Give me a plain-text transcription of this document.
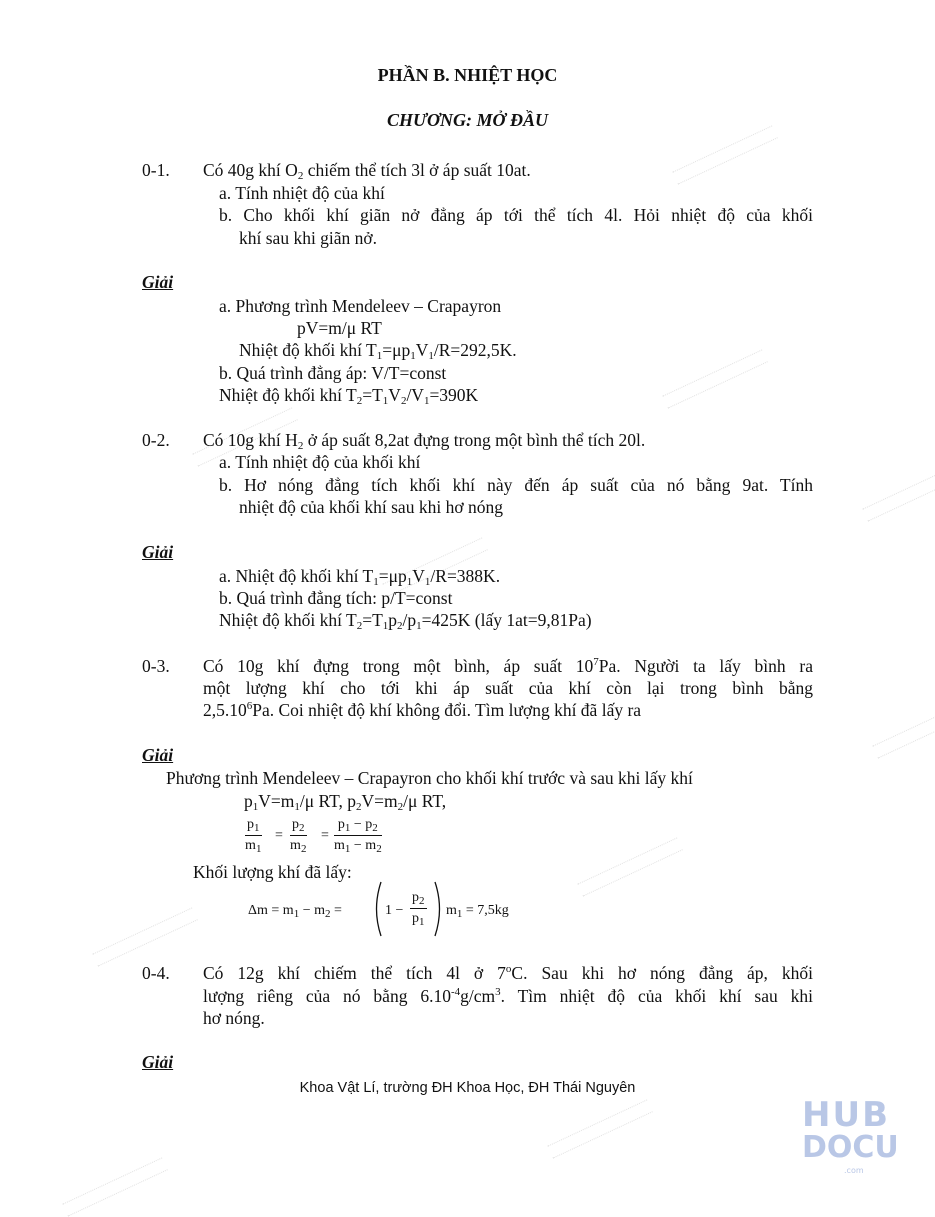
PHẦN B. NHIỆT HỌC
CHƯƠNG: MỞ ĐẦU
0-1. Có 40g khí $O_2$ chiếm thể tích 3l ở áp suất 10at.
a. Tính nhiệt độ của khí
b. Cho khối khí giãn nở đẳng áp tới thể tích 4l. Hỏi nhiệt độ của khối
khí sau khi giãn nở.
Giải
a. Phương trình Mendeleev – Crapayron
pV=m/μ RT
Nhiệt độ khối khí $T_1=\mu p_1V_1/R=292,5K$.
b. Quá trình đẳng áp: V/T=const
Nhiệt độ khối khí $T_2=T_1V_2/V_1=390K$
0-2. Có 10g khí $H_2$ ở áp suất 8,2at đựng trong một bình thể tích 20l.
a. Tính nhiệt độ của khối khí
b. Hơ nóng đẳng tích khối khí này đến áp suất của nó bằng 9at. Tính
nhiệt độ của khối khí sau khi hơ nóng
Giải
a. Nhiệt độ khối khí $T_1=\mu p_1V_1/R=388K$.
b. Quá trình đẳng tích: p/T=const
Nhiệt độ khối khí $T_2=T_1p_2/p_1=425K$ (lấy 1at=9,81Pa)
0-3. Có 10g khí đựng trong một bình, áp suất $10^7Pa$. Người ta lấy bình ra
một lượng khí cho tới khi áp suất của khí còn lại trong bình bằng
2,5.10$^6$Pa. Coi nhiệt độ khí không đổi. Tìm lượng khí đã lấy ra
Giải
Phương trình Mendeleev – Crapayron cho khối khí trước và sau khi lấy khí
$p_1V=m_1/\mu$ RT, $p_2V=m_2/\mu$ RT,
$\frac{p_1}{m_1} = \frac{p_2}{m_2} = \frac{p_1 - p_2}{m_1 - m_2}$
Khối lượng khí đã lấy:
$\Delta m = m_1 - m_2$ =	$1 - \frac{p_2}{p_1} m_1 = 7,5kg$
0-4. Có 12g khí chiếm thể tích 4l ở 7$^o$C. Sau khi hơ nóng đẳng áp, khối
lượng riêng của nó bằng $6.10^{-4}g/cm^3$. Tìm nhiệt độ của khối khí sau khi
hơ nóng.
Giải
Khoa Vật Lí, trường ĐH Khoa Học, ĐH Thái Nguyên
HUB
DOCU
.com
